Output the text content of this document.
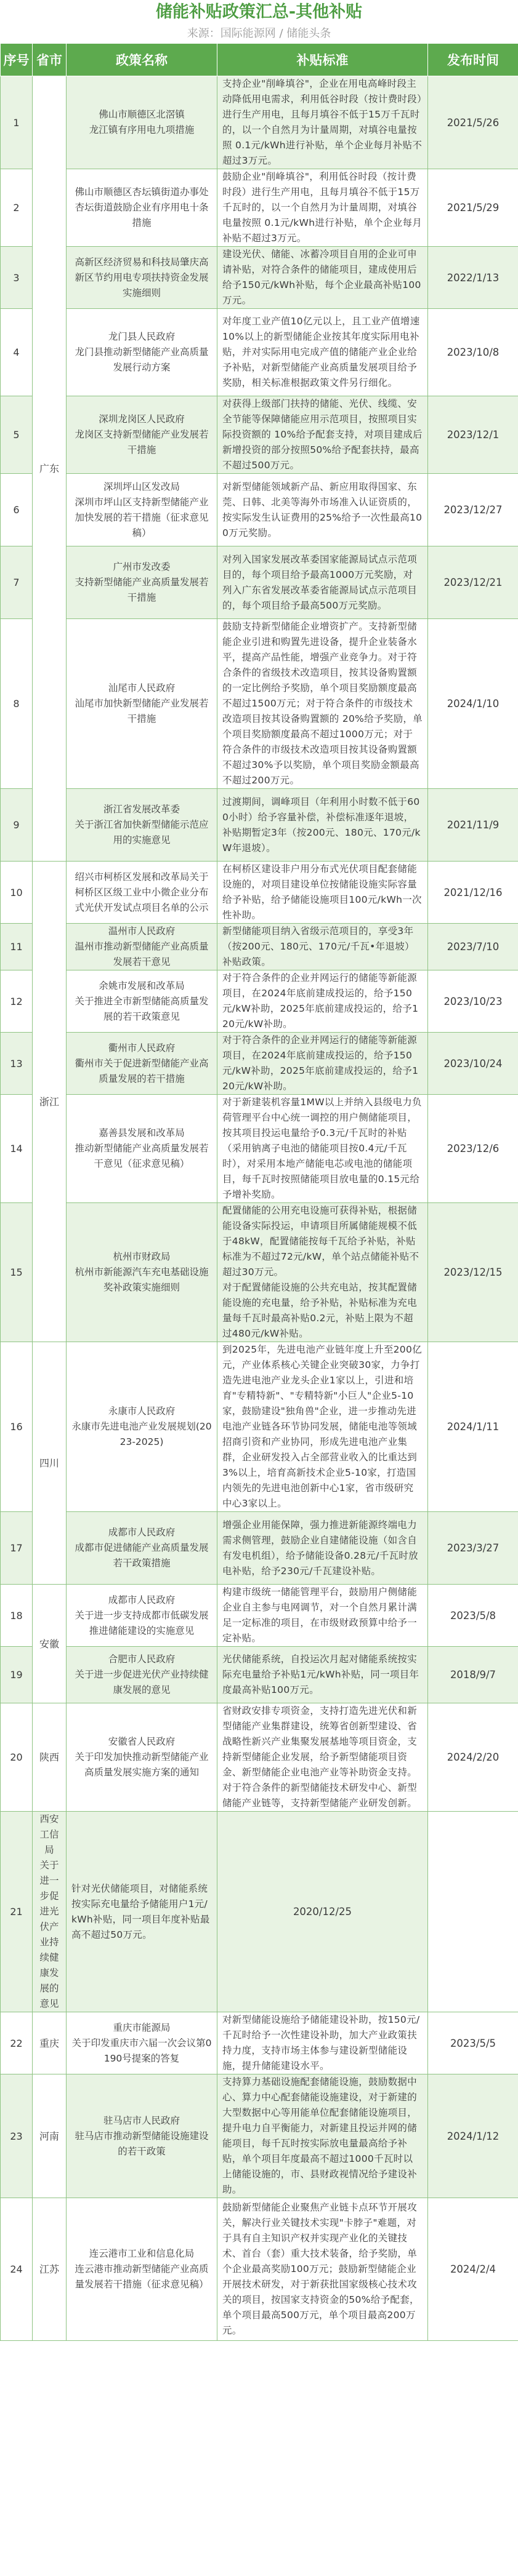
储能补贴政策汇总-其他补贴
来源：国际能源网 / 储能头条
序号	省市	政策名称	补贴标准	发布时间
1	广东	佛山市顺德区北滘镇
龙江镇有序用电九项措施	支持企业"削峰填谷"，企业在用电高峰时段主动降低用电需求，利用低谷时段（按计费时段）进行生产用电，且每月填谷不低于15万千瓦时的，以一个自然月为计量周期，对填谷电量按照 0.1元/kWh进行补贴，单个企业每月补贴不超过3万元。	2021/5/26
2		佛山市顺德区杏坛镇街道办事处杏坛街道鼓励企业有序用电十条措施	鼓励企业"削峰填谷"，利用低谷时段（按计费时段）进行生产用电，且每月填谷不低于15万千瓦时的，以一个自然月为计量周期，对填谷电量按照 0.1元/kWh进行补贴，单个企业每月补贴不超过3万元。	2021/5/29
3		高新区经济贸易和科技局肇庆高新区节约用电专项扶持资金发展实施细则	建设光伏、储能、冰蓄冷项目自用的企业可申请补贴，对符合条件的储能项目，建成使用后给予150元/kWh补贴，每个企业最高补贴100万元。	2022/1/13
4		龙门县人民政府
龙门县推动新型储能产业高质量发展行动方案	对年度工业产值10亿元以上，且工业产值增速10%以上的新型储能企业按其年度实际用电补贴，并对实际用电完成产值的储能产业企业给予补贴，对新型储能产业高质量发展项目给予奖励，相关标准根据政策文件另行细化。	2023/10/8
5		深圳龙岗区人民政府
龙岗区支持新型储能产业发展若干措施	对获得上级部门扶持的储能、光伏、线缆、安全节能等保障储能应用示范项目，按照项目实际投资额的 10%给予配套支持，对项目建成后新增投资的部分按照50%给予配套扶持，最高不超过500万元。	2023/12/1
6		深圳坪山区发改局
深圳市坪山区支持新型储能产业加快发展的若干措施（征求意见稿）	对新型储能领域新产品、新应用取得国家、东莞、日韩、北美等海外市场准入认证资质的，按实际发生认证费用的25%给予一次性最高100万元奖励。	2023/12/27
7		广州市发改委
支持新型储能产业高质量发展若干措施	对列入国家发展改革委国家能源局试点示范项目的，每个项目给予最高1000万元奖励，对列入广东省发展改革委省能源局试点示范项目的，每个项目给予最高500万元奖励。	2023/12/21
8		汕尾市人民政府
汕尾市加快新型储能产业发展若干措施	鼓励支持新型储能企业增资扩产。支持新型储能企业引进和购置先进设备，提升企业装备水平，提高产品性能，增强产业竞争力。对于符合条件的省级技术改造项目，按其设备购置额的一定比例给予奖励，单个项目奖励额度最高不超过1500万元；对于符合条件的市级技术改造项目按其设备购置额的 20%给予奖励，单个项目奖励额度最高不超过1000万元；对于符合条件的市级技术改造项目按其设备购置额不超过30%予以奖励，单个项目奖励金额最高不超过200万元。	2024/1/10
9		浙江省发展改革委
关于浙江省加快新型储能示范应用的实施意见	过渡期间，调峰项目（年利用小时数不低于600小时）给予容量补偿，补偿标准逐年退坡，补贴期暂定3年（按200元、180元、170元/kW年退坡）。	2021/11/9
10	浙江	绍兴市柯桥区发展和改革局关于柯桥区区级工业中小微企业分布式光伏开发试点项目名单的公示	在柯桥区建设非户用分布式光伏项目配套储能设施的，对项目建设单位按储能设施实际容量给予补贴，给予储能设施项目100元/kWh一次性补助。	2021/12/16
11		温州市人民政府
温州市推动新型储能产业高质量发展若干意见	新型储能项目纳入省级示范项目的，享受3年（按200元、180元、170元/千瓦•年退坡）补贴政策。	2023/7/10
12		余姚市发展和改革局
关于推进全市新型储能高质量发展的若干政策意见	对于符合条件的企业并网运行的储能等新能源项目，在2024年底前建成投运的，给予150元/kW补助，2025年底前建成投运的，给予120元/kW补助。	2023/10/23
13		衢州市人民政府
衢州市关于促进新型储能产业高质量发展的若干措施	对于符合条件的企业并网运行的储能等新能源项目，在2024年底前建成投运的，给予150元/kW补助，2025年底前建成投运的，给予120元/kW补助。	2023/10/24
14		嘉善县发展和改革局
推动新型储能产业高质量发展若干意见（征求意见稿）	对于新建装机容量1MW以上并纳入县级电力负荷管理平台中心统一调控的用户侧储能项目，按其项目投运电量给予0.3元/千瓦时的补贴（采用钠离子电池的储能项目按0.4元/千瓦时），对采用本地产储能电芯或电池的储能项目，每千瓦时按照储能项目放电量的0.15元给予增补奖励。	2023/12/6
15		杭州市财政局
杭州市新能源汽车充电基础设施奖补政策实施细则	配置储能的公用充电设施可获得补贴，根据储能设备实际投运，申请项目所属储能规模不低于48kW，配置储能按每千瓦给予补贴，补贴标准为不超过72元/kW，单个站点储能补贴不超过30万元。
对于配置储能设施的公共充电站，按其配置储能设施的充电量，给予补贴，补贴标准为充电量每千瓦时最高补贴0.2元，补贴上限为不超过480元/kW补贴。	2023/12/15
16	四川	永康市人民政府
永康市先进电池产业发展规划(2023-2025)	到2025年，先进电池产业链年度上升至200亿元，产业体系核心关键企业突破30家，力争打造先进电池产业龙头企业1家以上，引进和培育"专精特新"、"专精特新"小巨人"企业5-10家，鼓励建设"独角兽"企业，进一步推动先进电池产业链各环节协同发展，储能电池等领域招商引资和产业协同，形成先进电池产业集群，企业研发投入占全部营业收入的比重达到3%以上，培育高新技术企业5-10家，打造国内领先的先进电池创新中心1家，省市级研究中心3家以上。	2024/1/11
17		成都市人民政府
成都市促进储能产业高质量发展若干政策措施	增强企业用能保障，强力推进新能源终端电力需求侧管理，鼓励企业自建储能设施（如含自有发电机组），给予储能设备0.28元/千瓦时放电补贴，给予230元/千瓦建设补贴。	2023/3/27
18	安徽	成都市人民政府
关于进一步支持成都市低碳发展推进储能建设的实施意见	构建市级统一储能管理平台，鼓励用户侧储能企业自主参与电网调节，对一个自然月累计满足一定标准的项目，在市级财政预算中给予一定补贴。	2023/5/8
19		合肥市人民政府
关于进一步促进光伏产业持续健康发展的意见	光伏储能系统，自投运次月起对储能系统按实际充电量给予补贴1元/kWh补贴，同一项目年度最高补贴100万元。	2018/9/7
20	陕西	安徽省人民政府
关于印发加快推动新型储能产业高质量发展实施方案的通知	省财政安排专项资金，支持打造先进光伏和新型储能产业集群建设，统筹省创新型建设、省战略性新兴产业集聚发展基地等项目资金，支持新型储能企业发展，给予新型储能项目资金、新型储能企业电池产业等补助资金支持。对于符合条件的新型储能技术研发中心、新型储能产业链等，支持新型储能产业研发创新。	2024/2/20
21	西安工信局
关于进一步促进光伏产业持续健康发展的意见	针对光伏储能项目，对储能系统按实际充电量给予储能用户1元/kWh补贴，同一项目年度补贴最高不超过50万元。	2020/12/25	
22	重庆	重庆市能源局
关于印发重庆市六届一次会议第0190号提案的答复	对新型储能设施给予储能建设补助，按150元/千瓦时给予一次性建设补助，加大产业政策扶持力度，支持市场主体参与建设新型储能设施，提升储能建设水平。	2023/5/5
23	河南	驻马店市人民政府
驻马店市推动新型储能设施建设的若干政策	支持算力基础设施配套储能设施，鼓励数据中心、算力中心配套储能设施建设，对于新建的大型数据中心等用能单位配套储能设施项目，提升电力自平衡能力，对新建且投运并网的储能项目，每千瓦时按实际放电量最高给予补贴，单个项目年度最高不超过1000千瓦时以上储能设施的，市、县财政视情况给予建设补助。	2024/1/12
24	江苏	连云港市工业和信息化局
连云港市推动新型储能产业高质量发展若干措施（征求意见稿）	鼓励新型储能企业聚焦产业链卡点环节开展攻关，解决行业关键技术实现"卡脖子"难题，对于具有自主知识产权并实现产业化的关键技术、首台（套）重大技术装备，给予奖励，单个企业最高奖励100万元；鼓励新型储能企业开展技术研发，对于新获批国家级核心技术攻关的项目，按国家支持资金的50%给予配套，单个项目最高500万元，单个项目最高200万元。	2024/2/4
